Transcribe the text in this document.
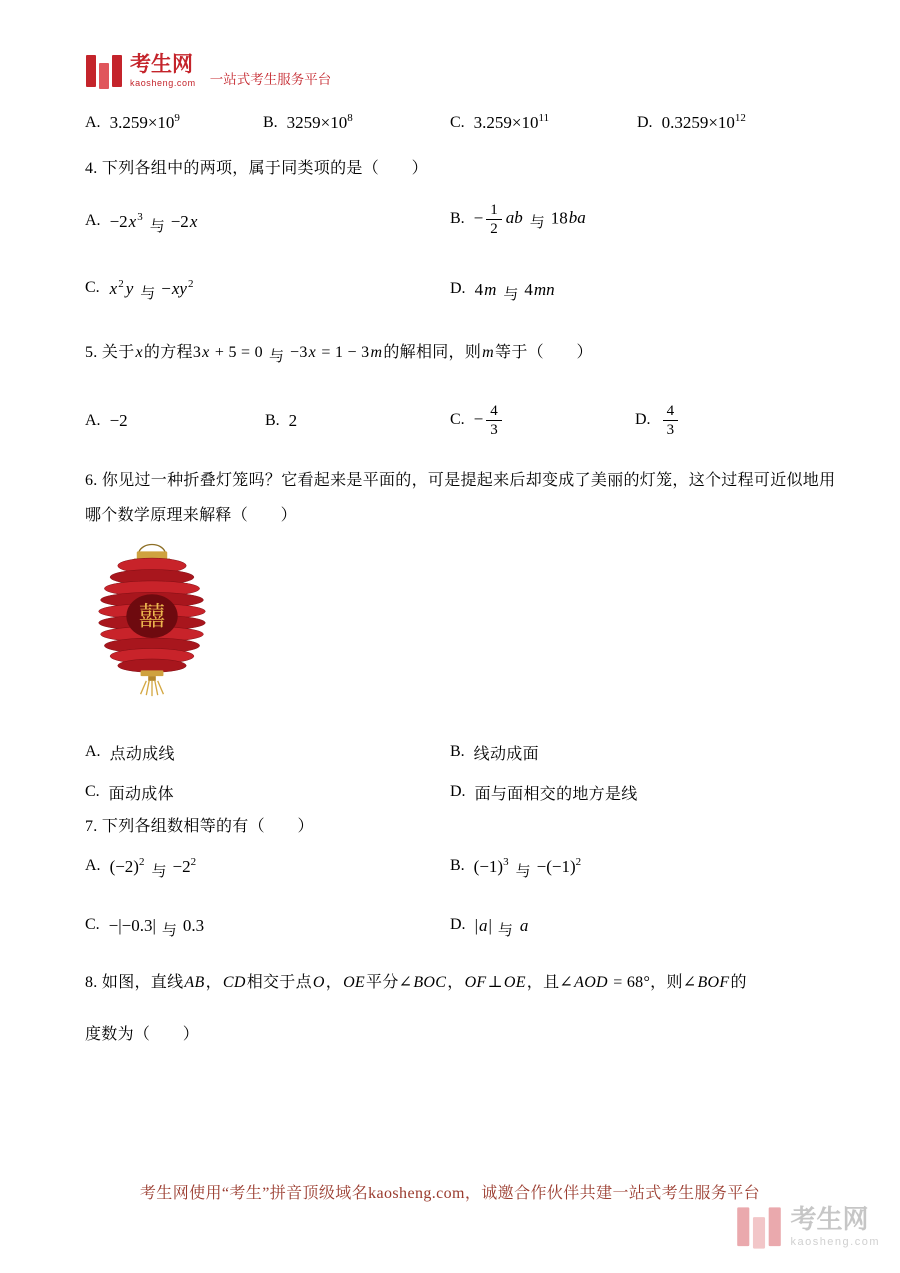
考生网
kaosheng.com 一站式考生服务平台
A. $3.259\times 10^9$	B. $3259\times 10^8$	C. $3.259\times 10^{11}$	D. $0.3259\times 10^{12}$
4. 下列各组中的两项，属于同类项的是（　　）
A. $-2x^3$与 −2x	B. − $\frac{1}{2}$ ab 与 18ba
C. $x^2$ y 与 $-xy^2$	D. 4m 与 4mn
5. 关于x的方程3x + 5 = 0 与 −3x = 1 − 3m的解相同，则m等于（　　）
A. −2	B. 2	C. − $\frac{4}{3}$	D. $\frac{4}{3}$
6. 你见过一种折叠灯笼吗？它看起来是平面的，可是提起来后却变成了美丽的灯笼，这个过程可近似地用
哪个数学原理来解释（　　）
囍
A. 点动成线	B. 线动成面
C. 面动成体	D. 面与面相交的地方是线
7. 下列各组数相等的有（　　）
A. $(-2)^2$与 $-2^2$	B. $(-1)^3$与 $-(-1)^2$
C. −|−0.3| 与 0.3	D. |a| 与 a
8. 如图，直线AB，CD相交于点O，OE平分∠BOC，OF⊥OE，且∠AOD = 68°，则∠BOF的
度数为（　　）
考生网使用“考生”拼音顶级域名kaosheng.com，诚邀合作伙伴共建一站式考生服务平台
考生网
kaosheng.com
